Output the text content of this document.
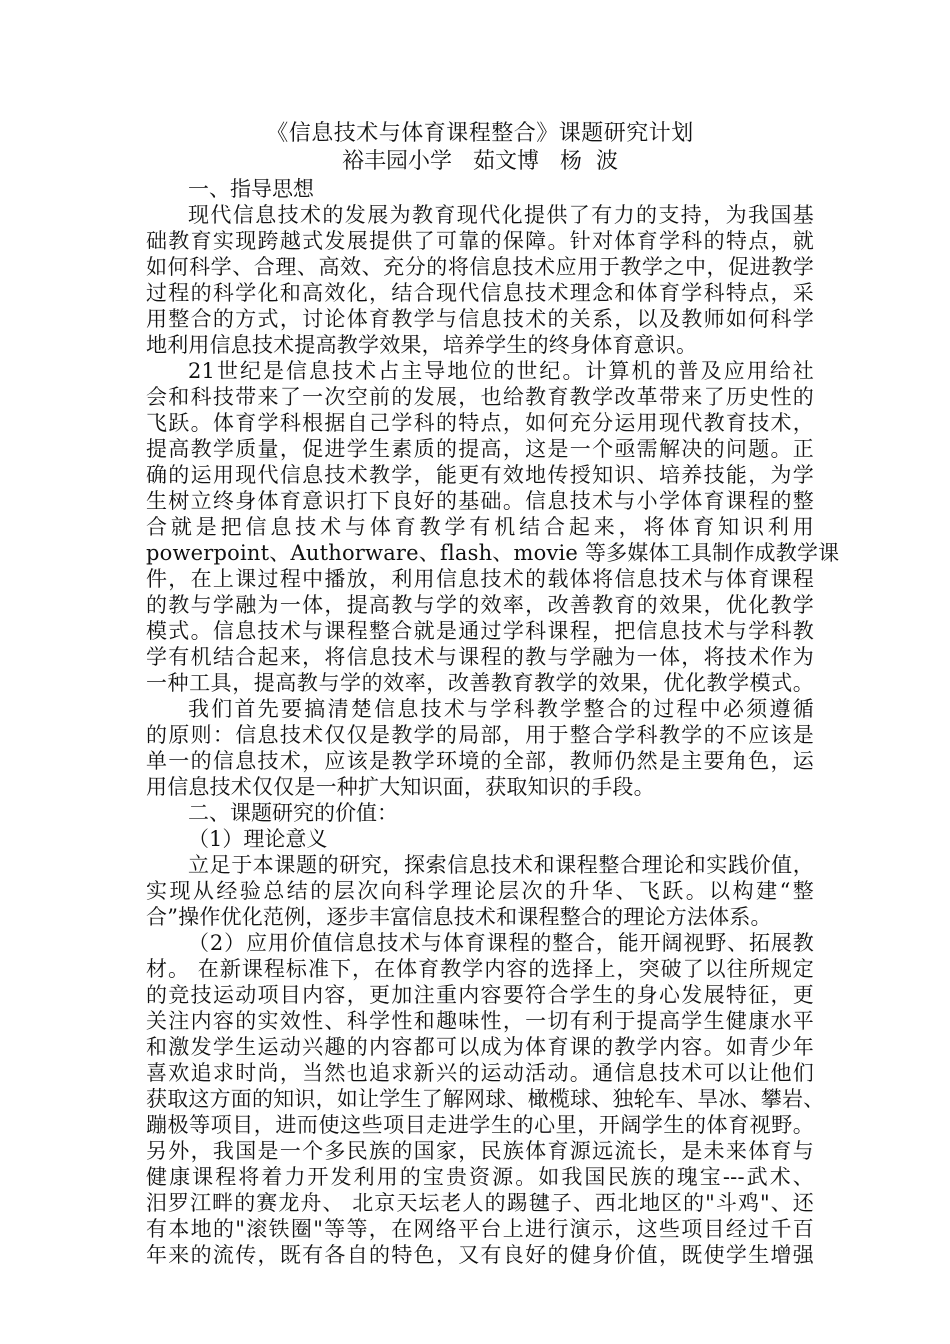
《信息技术与体育课程整合》课题研究计划

裕丰园小学   茹文博   杨  波

一、指导思想

现代信息技术的发展为教育现代化提供了有力的支持，为我国基

础教育实现跨越式发展提供了可靠的保障。针对体育学科的特点，就

如何科学、合理、高效、充分的将信息技术应用于教学之中，促进教学

过程的科学化和高效化，结合现代信息技术理念和体育学科特点，采

用整合的方式，讨论体育教学与信息技术的关系，以及教师如何科学

地利用信息技术提高教学效果，培养学生的终身体育意识。

21世纪是信息技术占主导地位的世纪。计算机的普及应用给社

会和科技带来了一次空前的发展，也给教育教学改革带来了历史性的

飞跃。体育学科根据自己学科的特点，如何充分运用现代教育技术，

提高教学质量，促进学生素质的提高，这是一个亟需解决的问题。正

确的运用现代信息技术教学，能更有效地传授知识、培养技能，为学

生树立终身体育意识打下良好的基础。信息技术与小学体育课程的整

合就是把信息技术与体育教学有机结合起来，将体育知识利用

powerpoint、Authorware、flash、movie 等多媒体工具制作成教学课

件，在上课过程中播放，利用信息技术的载体将信息技术与体育课程

的教与学融为一体，提高教与学的效率，改善教育的效果，优化教学

模式。信息技术与课程整合就是通过学科课程，把信息技术与学科教

学有机结合起来，将信息技术与课程的教与学融为一体，将技术作为

一种工具，提高教与学的效率，改善教育教学的效果，优化教学模式。

我们首先要搞清楚信息技术与学科教学整合的过程中必须遵循

的原则：信息技术仅仅是教学的局部，用于整合学科教学的不应该是

单一的信息技术，应该是教学环境的全部，教师仍然是主要角色，运

用信息技术仅仅是一种扩大知识面，获取知识的手段。

二、课题研究的价值：

（1）理论意义

立足于本课题的研究，探索信息技术和课程整合理论和实践价值，

实现从经验总结的层次向科学理论层次的升华、飞跃。以构建“整

合”操作优化范例，逐步丰富信息技术和课程整合的理论方法体系。

（2）应用价值信息技术与体育课程的整合，能开阔视野、拓展教

材。 在新课程标准下，在体育教学内容的选择上，突破了以往所规定

的竞技运动项目内容，更加注重内容要符合学生的身心发展特征，更

关注内容的实效性、科学性和趣味性，一切有利于提高学生健康水平

和激发学生运动兴趣的内容都可以成为体育课的教学内容。如青少年

喜欢追求时尚，当然也追求新兴的运动活动。通信息技术可以让他们

获取这方面的知识，如让学生了解网球、橄榄球、独轮车、旱冰、攀岩、

蹦极等项目，进而使这些项目走进学生的心里，开阔学生的体育视野。

另外，我国是一个多民族的国家，民族体育源远流长，是未来体育与

健康课程将着力开发利用的宝贵资源。如我国民族的瑰宝---武术、

汨罗江畔的赛龙舟、 北京天坛老人的踢毽子、西北地区的"斗鸡"、还

有本地的"滚铁圈"等等，在网络平台上进行演示，这些项目经过千百

年来的流传，既有各自的特色，又有良好的健身价值，既使学生增强
